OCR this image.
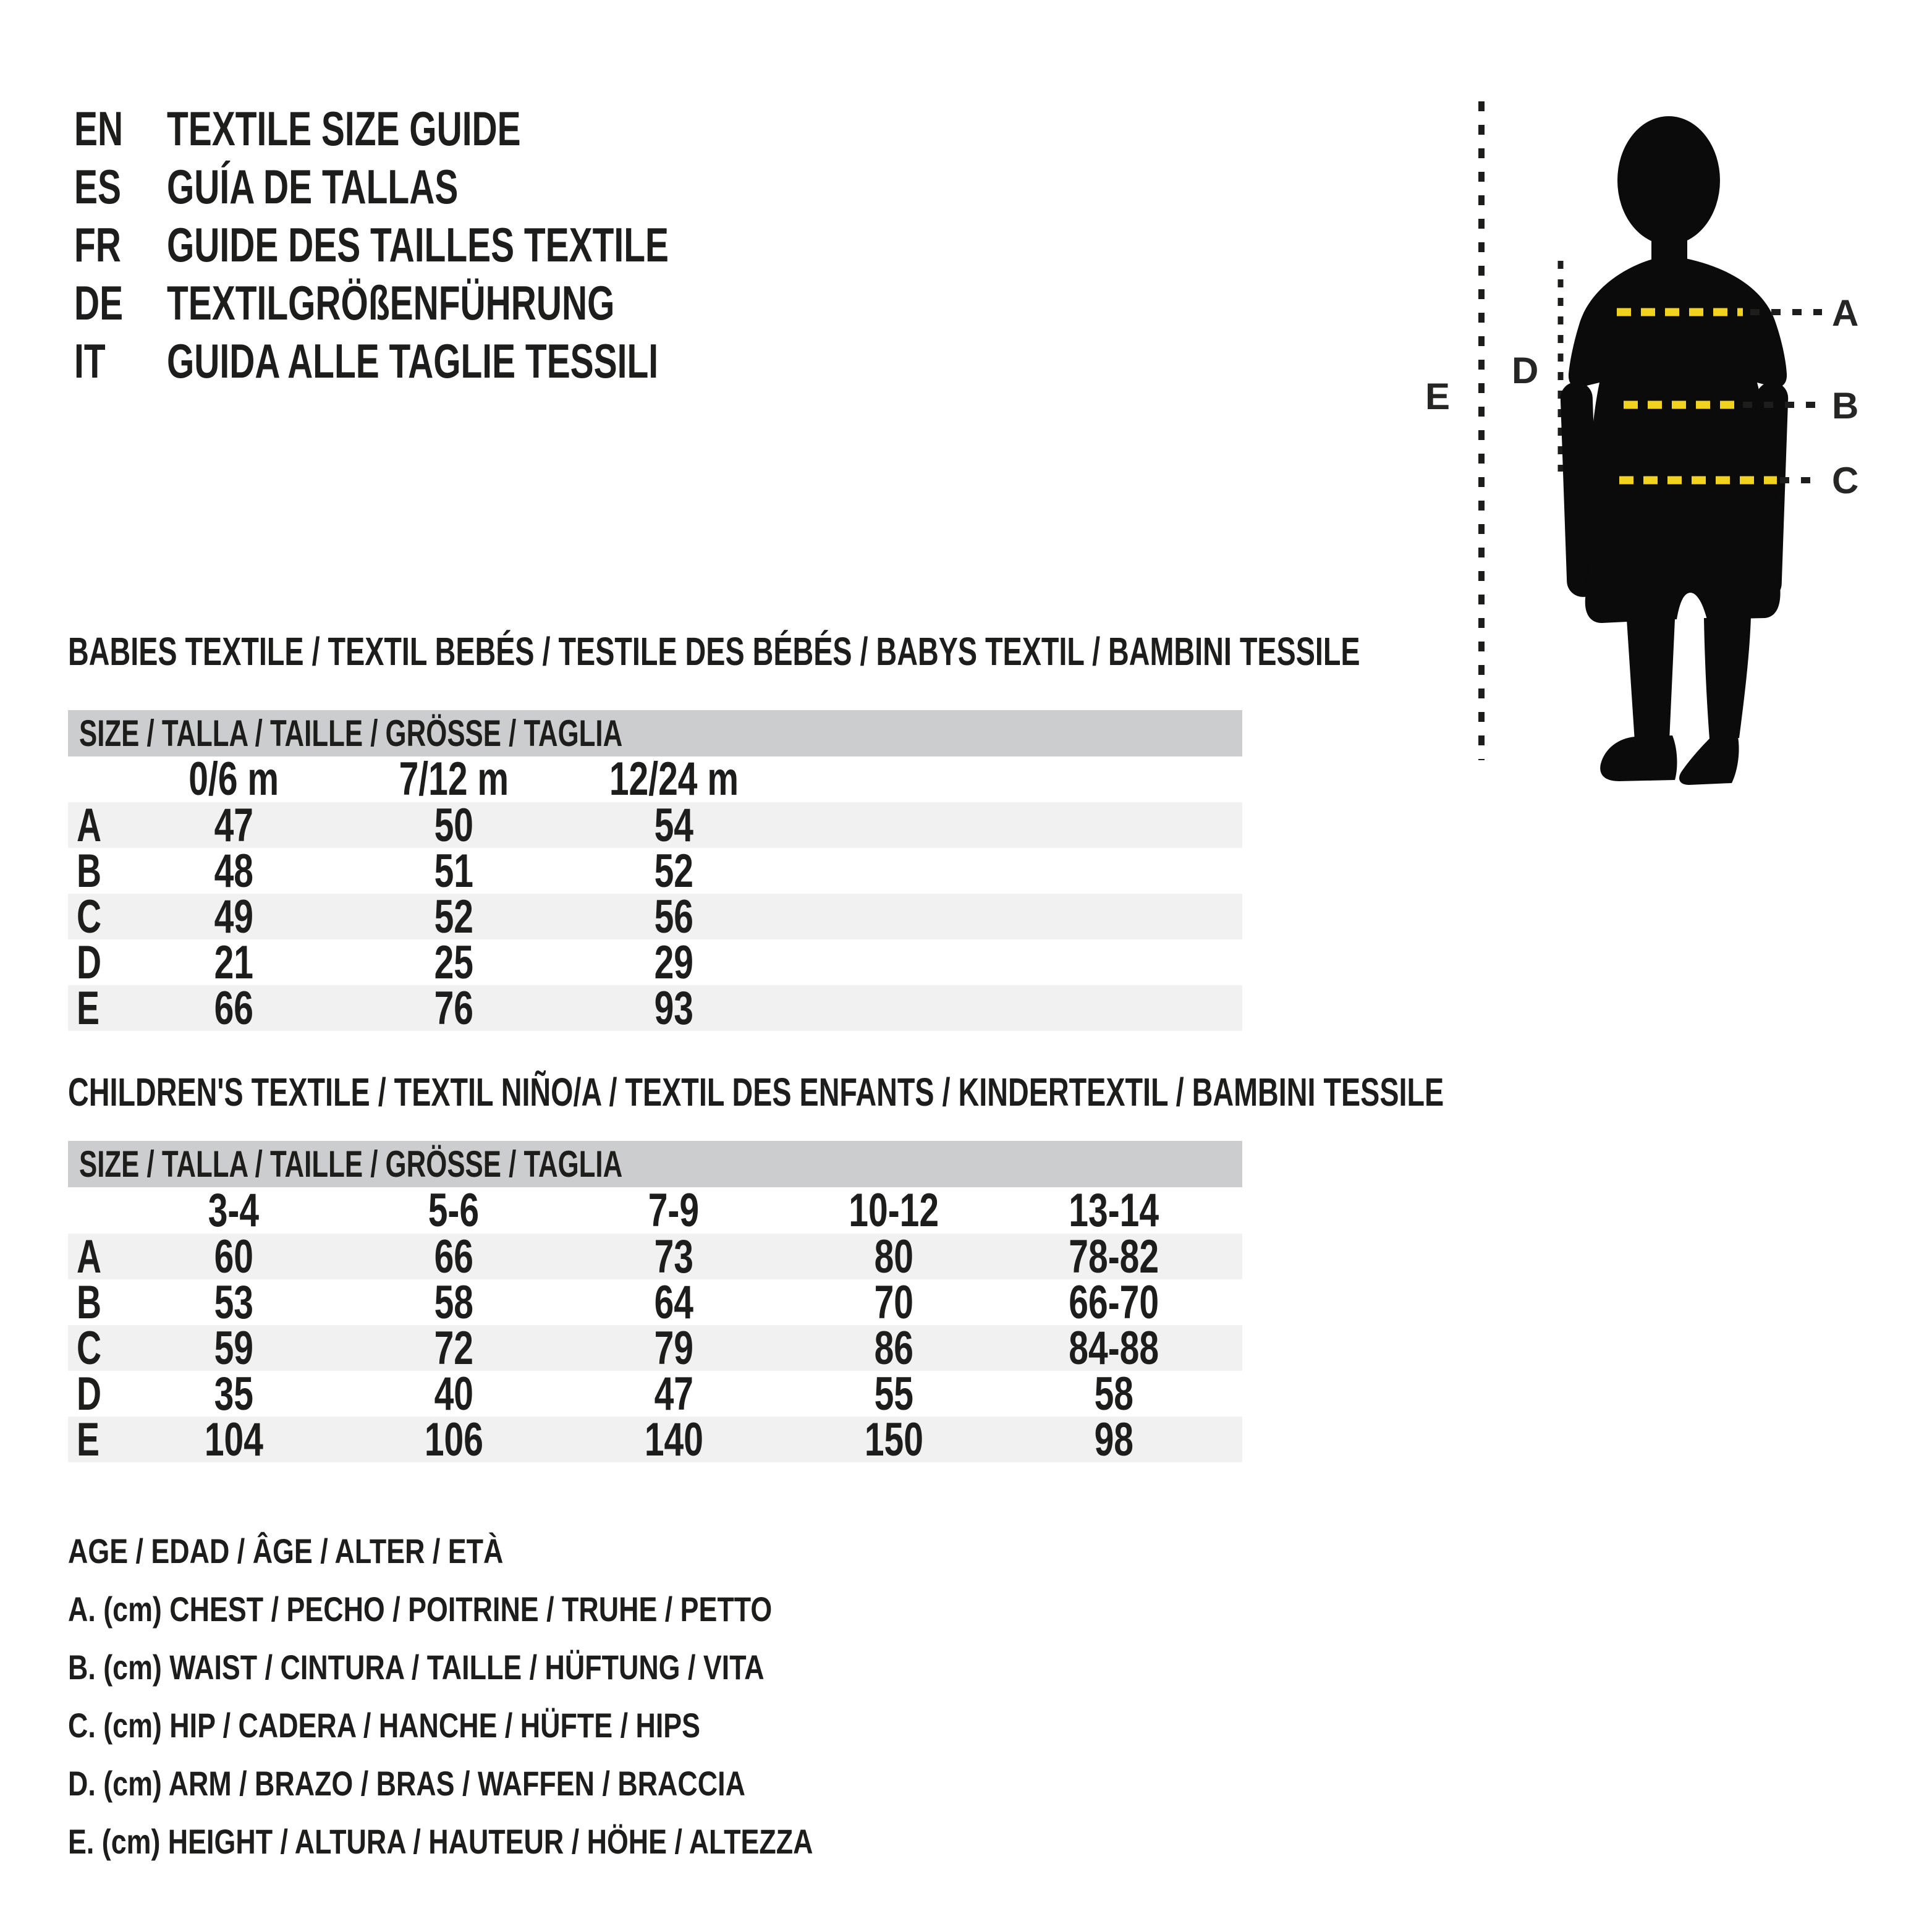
EN TEXTILE SIZE GUIDE
ES GUÍA DE TALLAS
FR GUIDE DES TAILLES TEXTILE
DE TEXTILGRÖßENFÜHRUNG
IT GUIDA ALLE TAGLIE TESSILI
A
B
C
D
E
BABIES TEXTILE / TEXTIL BEBÉS / TESTILE DES BÉBÉS / BABYS TEXTIL / BAMBINI TESSILE
SIZE / TALLA / TAILLE / GRÖSSE / TAGLIA
0/6 m	7/12 m 12/24 m
A 47	50	54
B 48	51	52
C 49	52	56
D 21	25	29
E 66	76	93
CHILDREN'S TEXTILE / TEXTIL NIÑO/A / TEXTIL DES ENFANTS / KINDERTEXTIL / BAMBINI TESSILE
SIZE / TALLA / TAILLE / GRÖSSE / TAGLIA
3-4	5-6	7-9	10-12	13-14
A 60	66	73	80	78-82
B 53	58	64	70	66-70
C 59	72	79	86	84-88
D 35	40	47	55	58
E 104	106	140	150	98
AGE / EDAD / ÂGE / ALTER / ETÀ
A. (cm) CHEST / PECHO / POITRINE / TRUHE / PETTO
B. (cm) WAIST / CINTURA / TAILLE / HÜFTUNG / VITA
C. (cm) HIP / CADERA / HANCHE / HÜFTE / HIPS
D. (cm) ARM / BRAZO / BRAS / WAFFEN / BRACCIA
E. (cm) HEIGHT / ALTURA / HAUTEUR / HÖHE / ALTEZZA
